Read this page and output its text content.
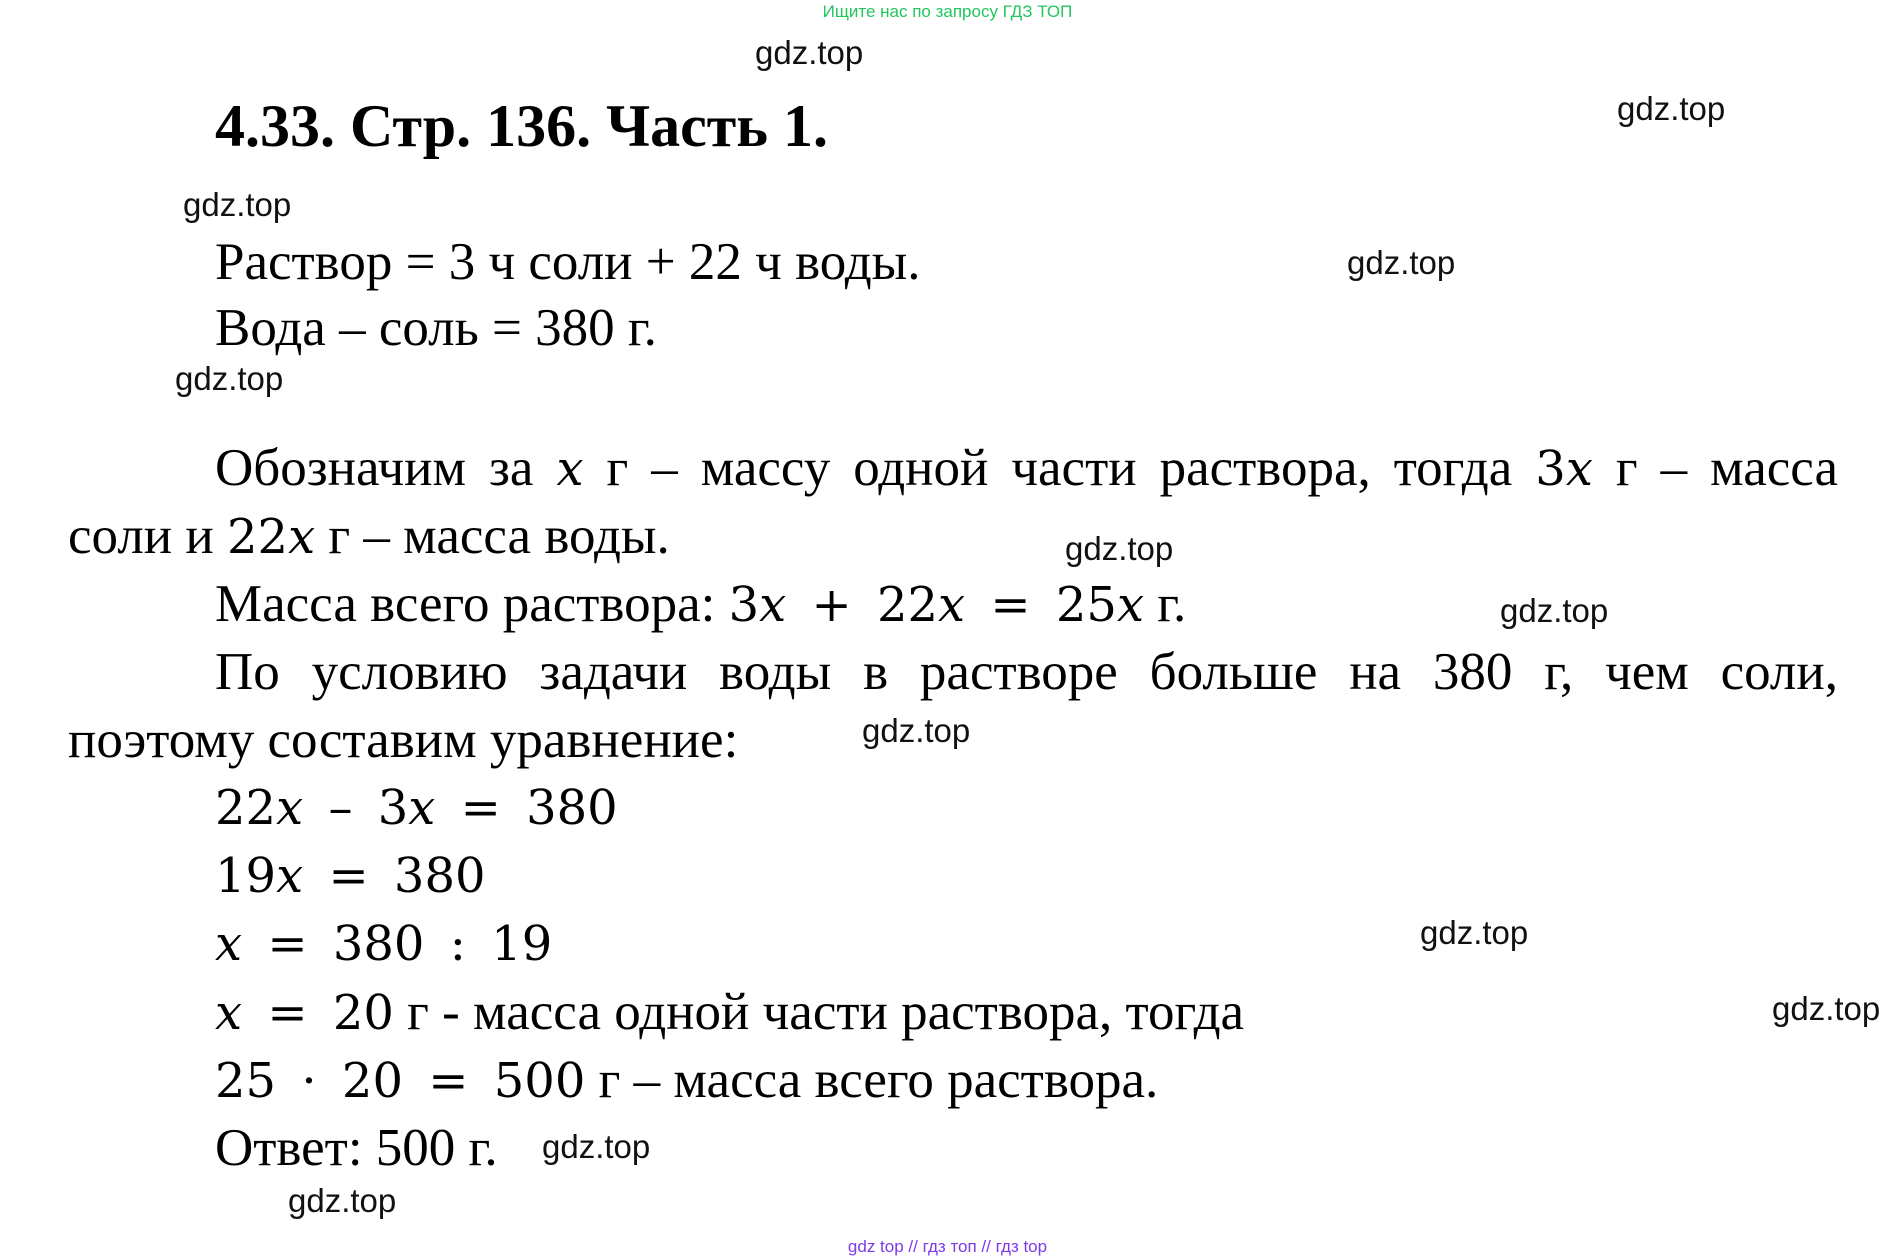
Ищите нас по запросу ГДЗ ТОП
gdz.top
gdz.top
gdz.top
gdz.top
gdz.top
gdz.top
gdz.top
gdz.top
gdz.top
gdz.top
gdz.top
gdz.top
4.33. Стр. 136. Часть 1.
Раствор = 3 ч соли + 22 ч воды.
Вода – соль = 380 г.
Обозначим за x г – массу одной части раствора, тогда 3x г – масса
соли и 22x г – масса воды.
Масса всего раствора: 3x + 22x = 25x г.
По условию задачи воды в растворе больше на 380 г, чем соли,
поэтому составим уравнение:
22x – 3x = 380
19x = 380
x = 380 : 19
x = 20 г - масса одной части раствора, тогда
25 · 20 = 500 г – масса всего раствора.
Ответ: 500 г.
gdz top // гдз топ // гдз top
